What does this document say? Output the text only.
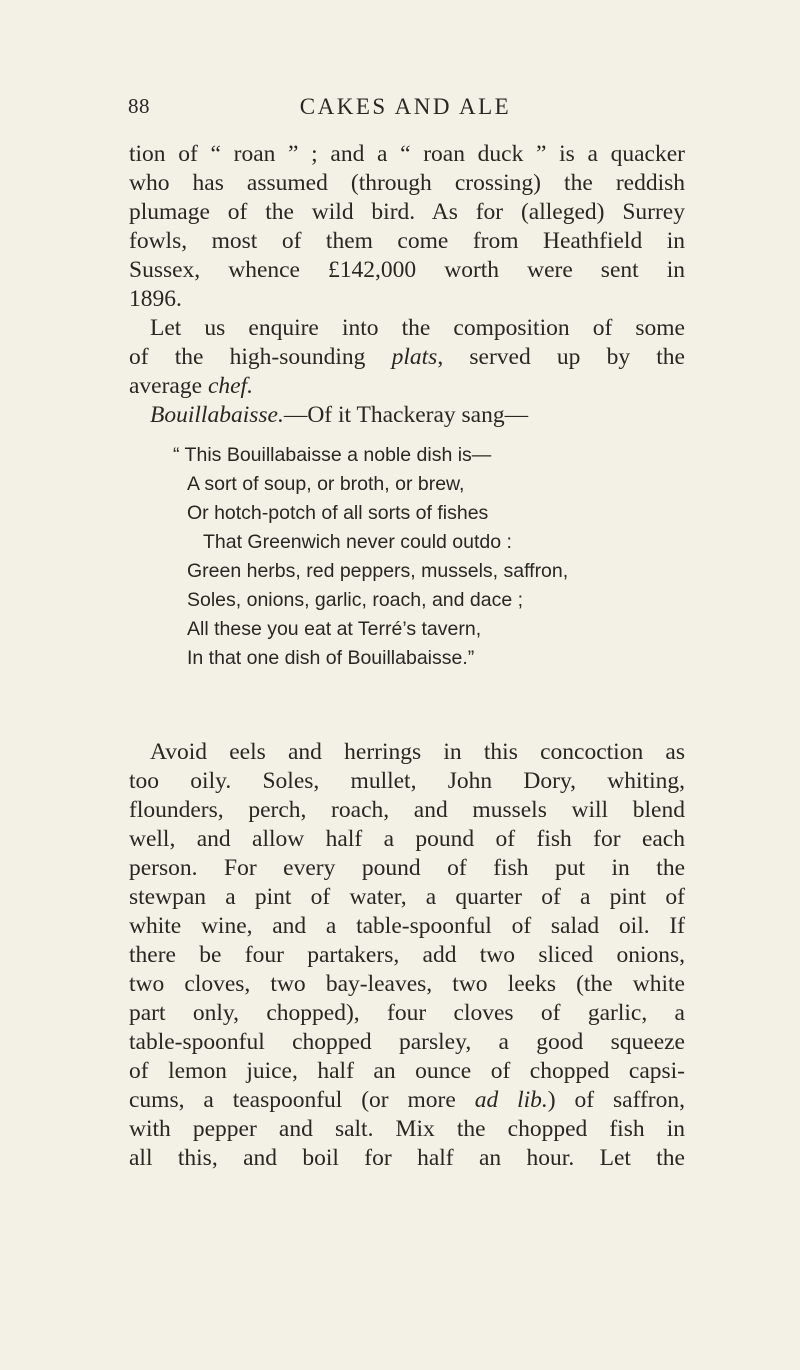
88	CAKES AND ALE
tion of “ roan ” ; and a “ roan duck ” is a quacker
who has assumed (through crossing) the reddish
plumage of the wild bird. As for (alleged) Surrey
fowls, most of them come from Heathfield in
Sussex, whence £142,000 worth were sent in
1896.
Let us enquire into the composition of some
of the high-sounding plats, served up by the
average chef.
Bouillabaisse.—Of it Thackeray sang—
“ This Bouillabaisse a noble dish is—
A sort of soup, or broth, or brew,
Or hotch-potch of all sorts of fishes
That Greenwich never could outdo :
Green herbs, red peppers, mussels, saffron,
Soles, onions, garlic, roach, and dace ;
All these you eat at Terré’s tavern,
In that one dish of Bouillabaisse.”
Avoid eels and herrings in this concoction as
too oily. Soles, mullet, John Dory, whiting,
flounders, perch, roach, and mussels will blend
well, and allow half a pound of fish for each
person. For every pound of fish put in the
stewpan a pint of water, a quarter of a pint of
white wine, and a table-spoonful of salad oil. If
there be four partakers, add two sliced onions,
two cloves, two bay-leaves, two leeks (the white
part only, chopped), four cloves of garlic, a
table-spoonful chopped parsley, a good squeeze
of lemon juice, half an ounce of chopped capsi-
cums, a teaspoonful (or more ad lib.) of saffron,
with pepper and salt. Mix the chopped fish in
all this, and boil for half an hour. Let the
